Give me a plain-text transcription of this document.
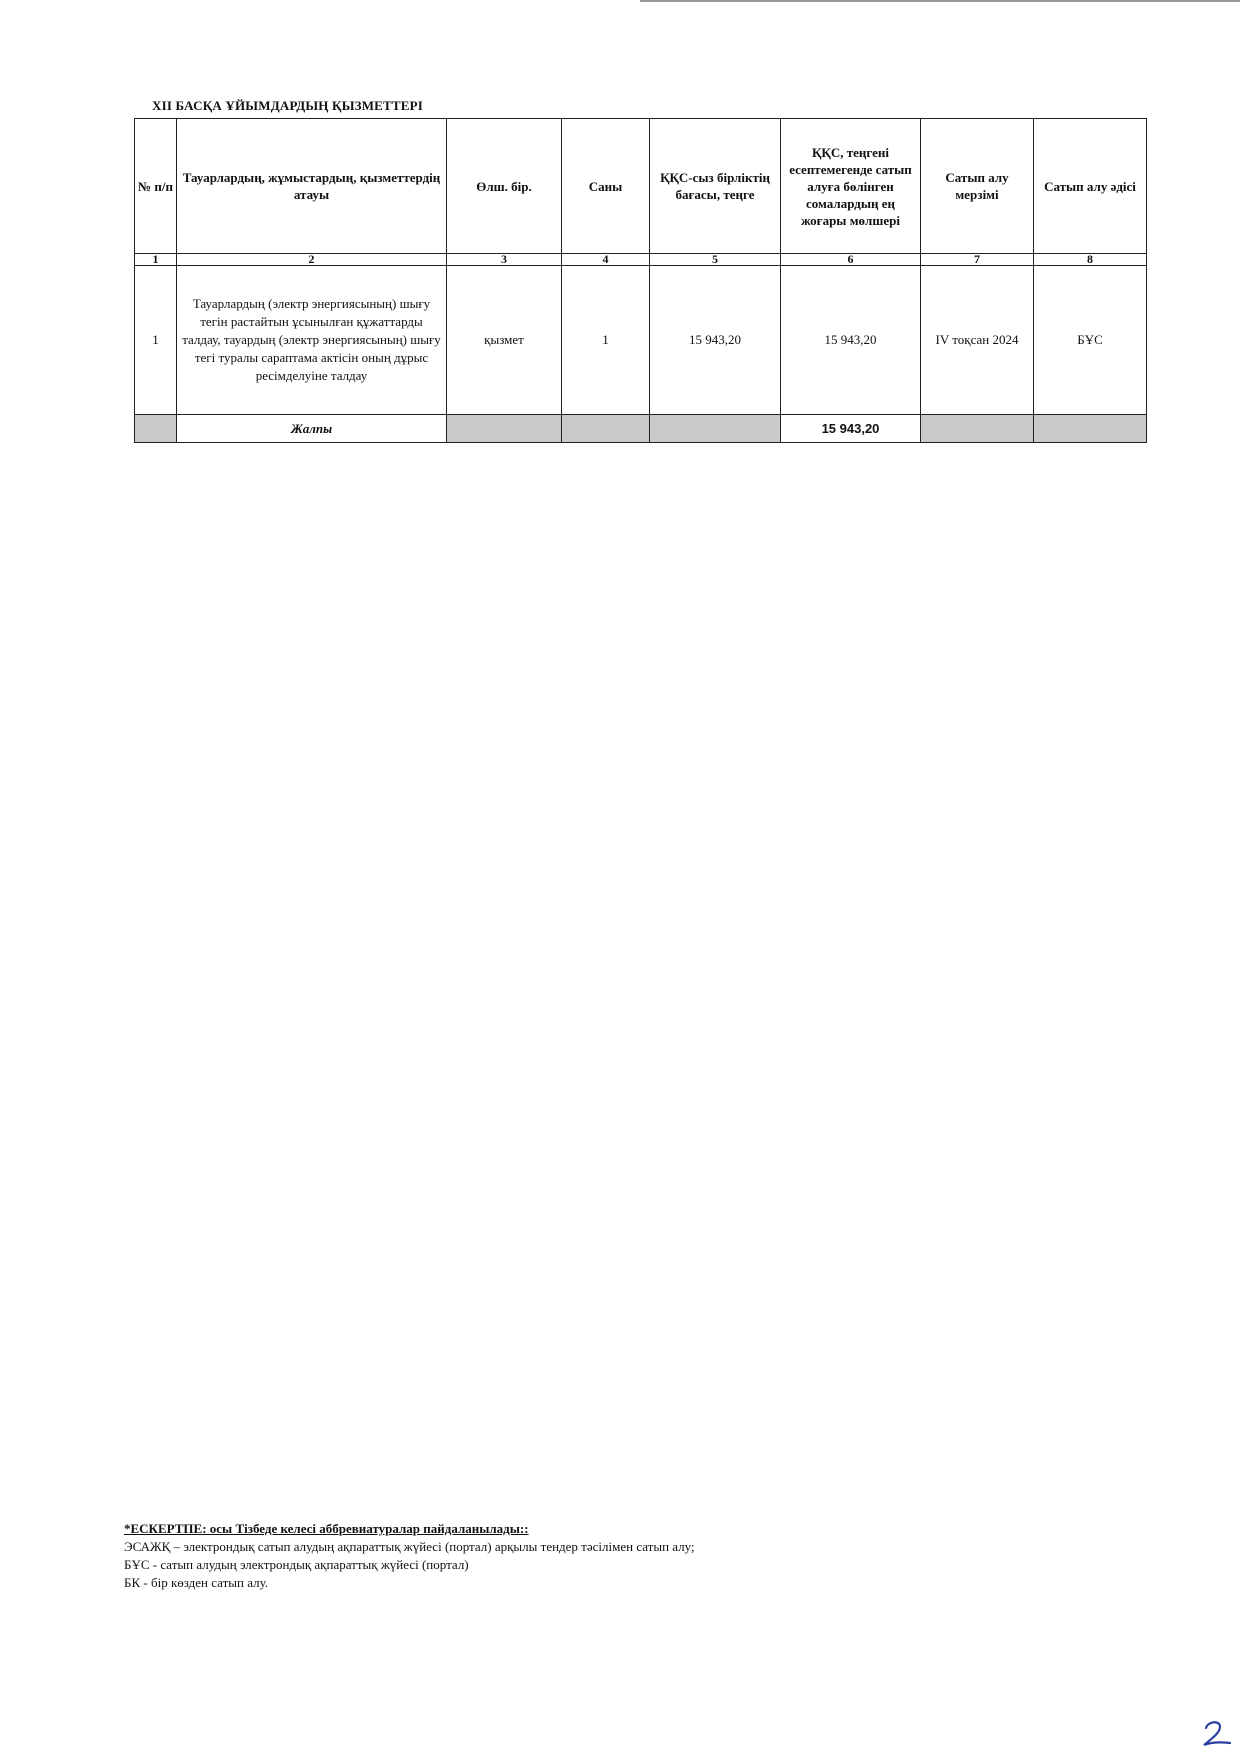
XII БАСҚА ҰЙЫМДАРДЫҢ ҚЫЗМЕТТЕРІ
№ п/п	Тауарлардың, жұмыстардың, қызметтердің атауы	Өлш. бір.	Саны	ҚҚС-сыз бірліктің бағасы, теңге	ҚҚС, теңгені есептемегенде сатып алуға бөлінген сомалардың ең жоғары мөлшері	Сатып алу мерзімі	Сатып алу әдісі
1	2	3	4	5	6	7	8
1	Тауарлардың (электр энергиясының) шығу тегін растайтын ұсынылған құжаттарды талдау, тауардың (электр энергиясының) шығу тегі туралы сараптама актісін оның дұрыс ресімделуіне талдау	қызмет	1	15 943,20	15 943,20	IV тоқсан 2024	БҰС
	Жалпы				15 943,20		
*ЕСКЕРТПЕ: осы Тізбеде келесі аббревиатуралар пайдаланылады::
ЭСАЖҚ – электрондық сатып алудың ақпараттық жүйесі (портал) арқылы тендер тәсілімен сатып алу;
БҰС - сатып алудың электрондық ақпараттық жүйесі (портал)
БК - бір көзден сатып алу.
